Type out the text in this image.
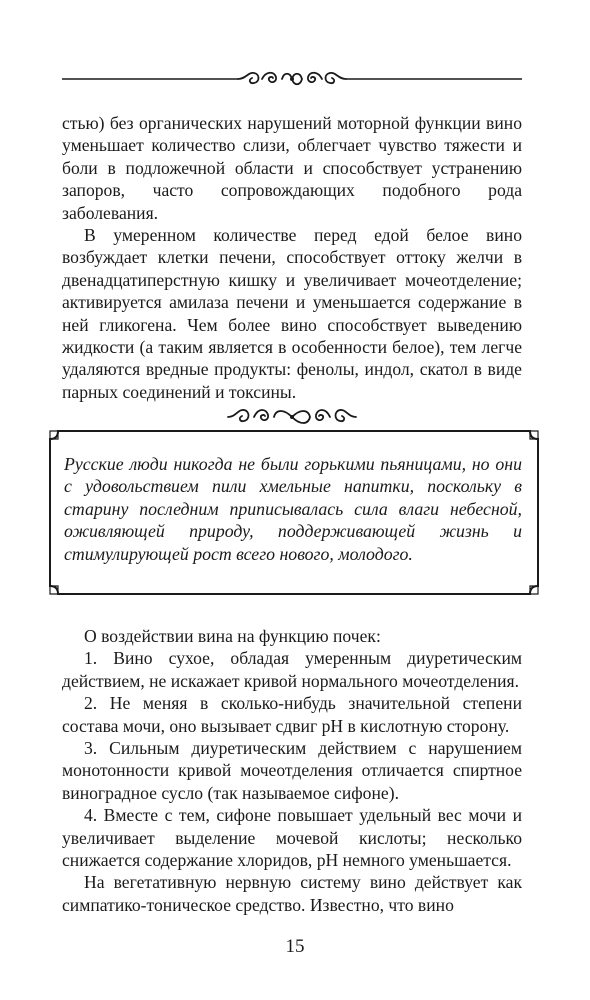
стью) без органических нарушений моторной функции вино уменьшает количество слизи, облегчает чувство тяжести и боли в подложечной области и способствует устранению запоров, часто сопровождающих подобного рода заболевания.

В умеренном количестве перед едой белое вино возбуждает клетки печени, способствует оттоку желчи в двенадцатиперстную кишку и увеличивает мочеотделение; активируется амилаза печени и уменьшается содержание в ней гликогена. Чем более вино способствует выведению жидкости (а таким является в особенности белое), тем легче удаляются вредные продукты: фенолы, индол, скатол в виде парных соединений и токсины.

Русские люди никогда не были горькими пьяницами, но они с удовольствием пили хмельные напитки, поскольку в старину последним приписывалась сила влаги небесной, оживляющей природу, поддерживающей жизнь и стимулирующей рост всего нового, молодого.

О воздействии вина на функцию почек:

1. Вино сухое, обладая умеренным диуретическим действием, не искажает кривой нормального мочеотделения.

2. Не меняя в сколько-нибудь значительной степени состава мочи, оно вызывает сдвиг pH в кислотную сторону.

3. Сильным диуретическим действием с нарушением монотонности кривой мочеотделения отличается спиртное виноградное сусло (так называемое сифоне).

4. Вместе с тем, сифоне повышает удельный вес мочи и увеличивает выделение мочевой кислоты; несколько снижается содержание хлоридов, pH немного уменьшается.

На вегетативную нервную систему вино действует как симпатико-тоническое средство. Известно, что вино

15
